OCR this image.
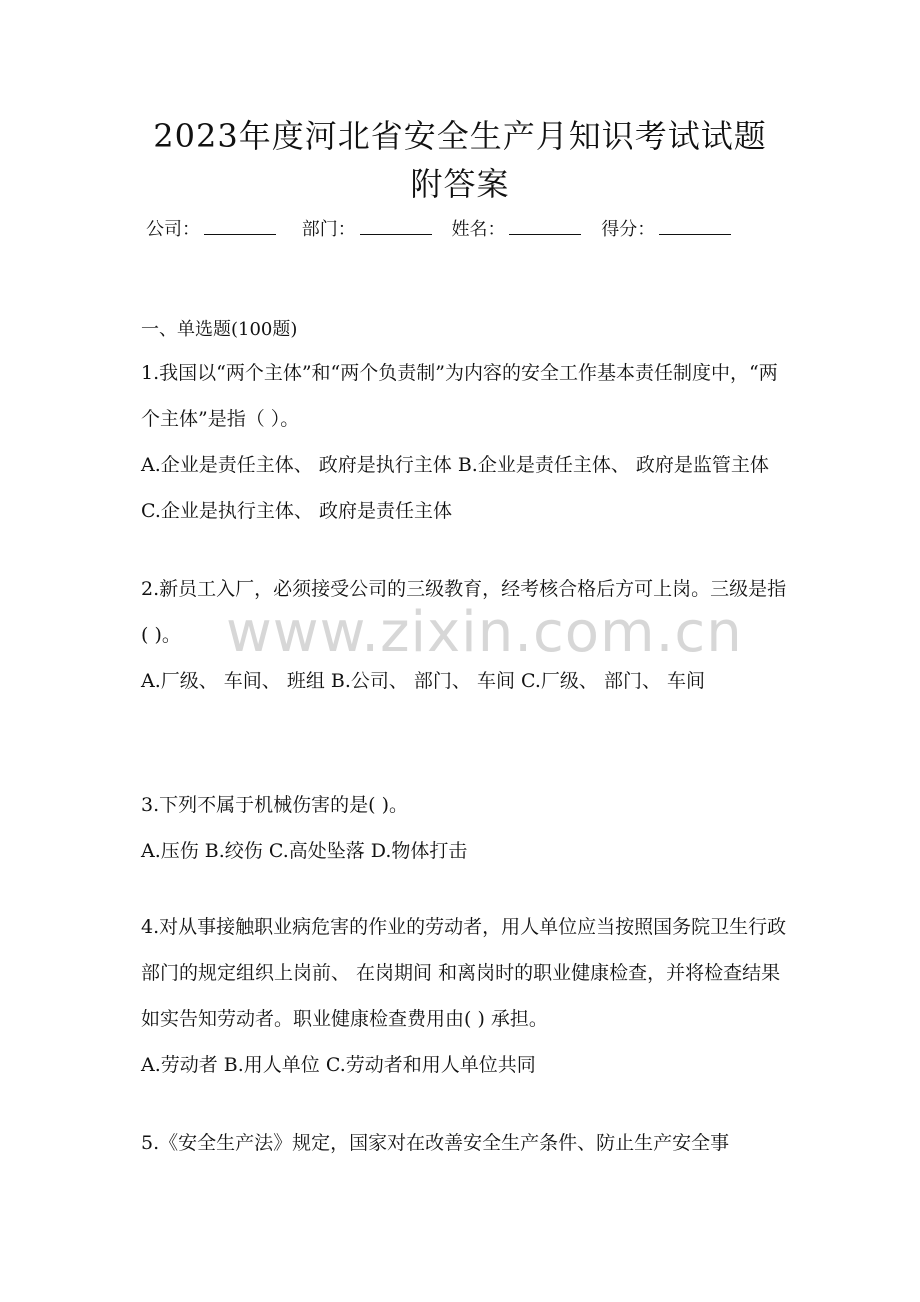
2023年度河北省安全生产月知识考试试题
附答案
公司：	部门：	姓名：	得分：
一、单选题(100题)

1.我国以“两个主体”和“两个负责制”为内容的安全工作基本责任制度中，“两个主体”是指（ ）。

A.企业是责任主体、 政府是执行主体 B.企业是责任主体、 政府是监管主体 C.企业是执行主体、 政府是责任主体

2.新员工入厂，必须接受公司的三级教育，经考核合格后方可上岗。三级是指( )。

A.厂级、 车间、 班组 B.公司、 部门、 车间 C.厂级、 部门、 车间

3.下列不属于机械伤害的是( )。

A.压伤 B.绞伤 C.高处坠落 D.物体打击

4.对从事接触职业病危害的作业的劳动者，用人单位应当按照国务院卫生行政部门的规定组织上岗前、 在岗期间 和离岗时的职业健康检查，并将检查结果如实告知劳动者。职业健康检查费用由( ) 承担。

A.劳动者 B.用人单位 C.劳动者和用人单位共同

5.《安全生产法》规定，国家对在改善安全生产条件、防止生产安全事

www.zixin.com.cn
